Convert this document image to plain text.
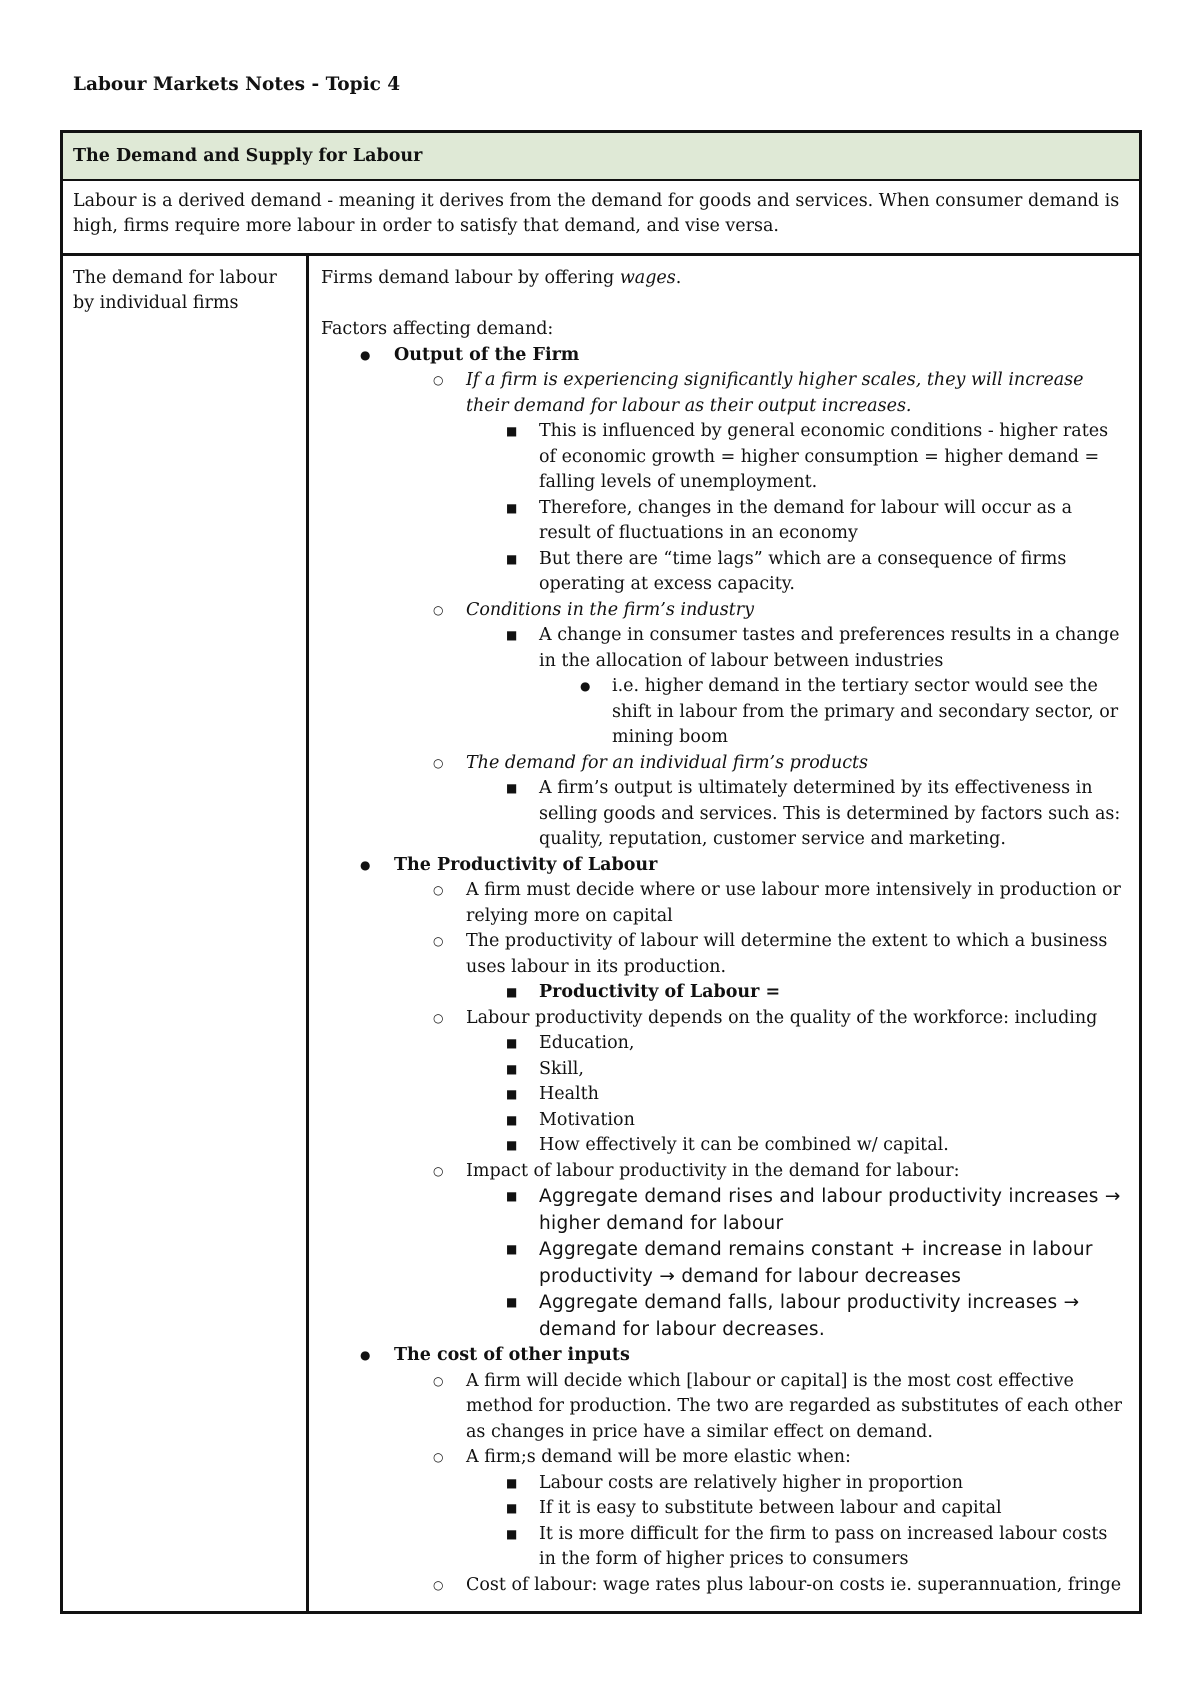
Labour Markets Notes - Topic 4
The Demand and Supply for Labour
Labour is a derived demand - meaning it derives from the demand for goods and services. When consumer demand is high, firms require more labour in order to satisfy that demand, and vise versa.
The demand for labour by individual firms

Firms demand labour by offering wages.

Factors affecting demand:

● Output of the Firm
○ If a firm is experiencing significantly higher scales, they will increase their demand for labour as their output increases.
■ This is influenced by general economic conditions - higher rates of economic growth = higher consumption = higher demand = falling levels of unemployment.
■ Therefore, changes in the demand for labour will occur as a result of fluctuations in an economy
■ But there are “time lags” which are a consequence of firms operating at excess capacity.
○ Conditions in the firm’s industry
■ A change in consumer tastes and preferences results in a change in the allocation of labour between industries
● i.e. higher demand in the tertiary sector would see the shift in labour from the primary and secondary sector, or mining boom
○ The demand for an individual firm’s products
■ A firm’s output is ultimately determined by its effectiveness in selling goods and services. This is determined by factors such as: quality, reputation, customer service and marketing.
● The Productivity of Labour
○ A firm must decide where or use labour more intensively in production or relying more on capital
○ The productivity of labour will determine the extent to which a business uses labour in its production.
■ Productivity of Labour =
○ Labour productivity depends on the quality of the workforce: including
■ Education,
■ Skill,
■ Health
■ Motivation
■ How effectively it can be combined w/ capital.
○ Impact of labour productivity in the demand for labour:
■ Aggregate demand rises and labour productivity increases → higher demand for labour
■ Aggregate demand remains constant + increase in labour productivity → demand for labour decreases
■ Aggregate demand falls, labour productivity increases → demand for labour decreases.
● The cost of other inputs
○ A firm will decide which [labour or capital] is the most cost effective method for production. The two are regarded as substitutes of each other as changes in price have a similar effect on demand.
○ A firm;s demand will be more elastic when:
■ Labour costs are relatively higher in proportion
■ If it is easy to substitute between labour and capital
■ It is more difficult for the firm to pass on increased labour costs in the form of higher prices to consumers
○ Cost of labour: wage rates plus labour-on costs ie. superannuation, fringe
